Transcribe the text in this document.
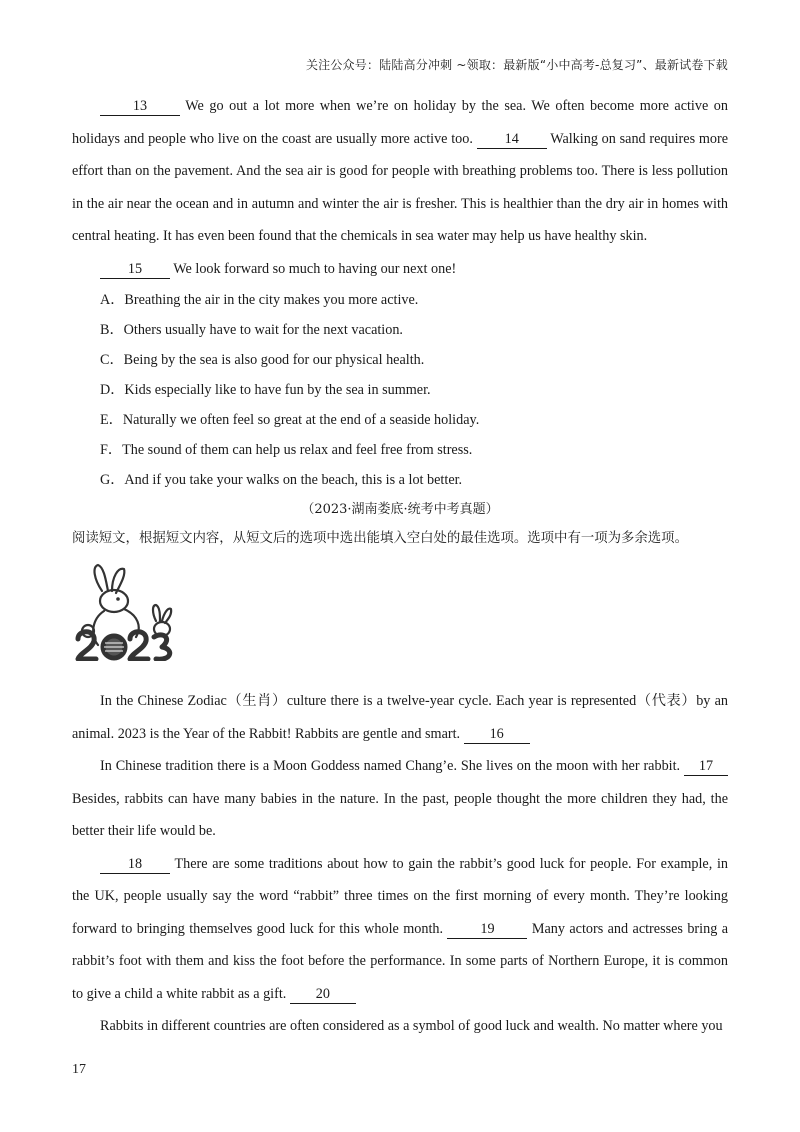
关注公众号：陆陆高分冲刺 ~领取：最新版“小中高考-总复习”、最新试卷下载

13 We go out a lot more when we’re on holiday by the sea. We often become more active on holidays and people who live on the coast are usually more active too. 14 Walking on sand requires more effort than on the pavement. And the sea air is good for people with breathing problems too. There is less pollution in the air near the ocean and in autumn and winter the air is fresher. This is healthier than the dry air in homes with central heating. It has even been found that the chemicals in sea water may help us have healthy skin.

15 We look forward so much to having our next one!

A．Breathing the air in the city makes you more active.

B．Others usually have to wait for the next vacation.

C．Being by the sea is also good for our physical health.

D．Kids especially like to have fun by the sea in summer.

E．Naturally we often feel so great at the end of a seaside holiday.

F．The sound of them can help us relax and feel free from stress.

G．And if you take your walks on the beach, this is a lot better.

（2023·湖南娄底·统考中考真题）

阅读短文，根据短文内容，从短文后的选项中选出能填入空白处的最佳选项。选项中有一项为多余选项。

In the Chinese Zodiac（生肖）culture there is a twelve-year cycle. Each year is represented（代表）by an animal. 2023 is the Year of the Rabbit! Rabbits are gentle and smart. 16

In Chinese tradition there is a Moon Goddess named Chang’e. She lives on the moon with her rabbit. 17 Besides, rabbits can have many babies in the nature. In the past, people thought the more children they had, the better their life would be.

18 There are some traditions about how to gain the rabbit’s good luck for people. For example, in the UK, people usually say the word “rabbit” three times on the first morning of every month. They’re looking forward to bringing themselves good luck for this whole month. 19 Many actors and actresses bring a rabbit’s foot with them and kiss the foot before the performance. In some parts of Northern Europe, it is common to give a child a white rabbit as a gift. 20

Rabbits in different countries are often considered as a symbol of good luck and wealth. No matter where you

17
